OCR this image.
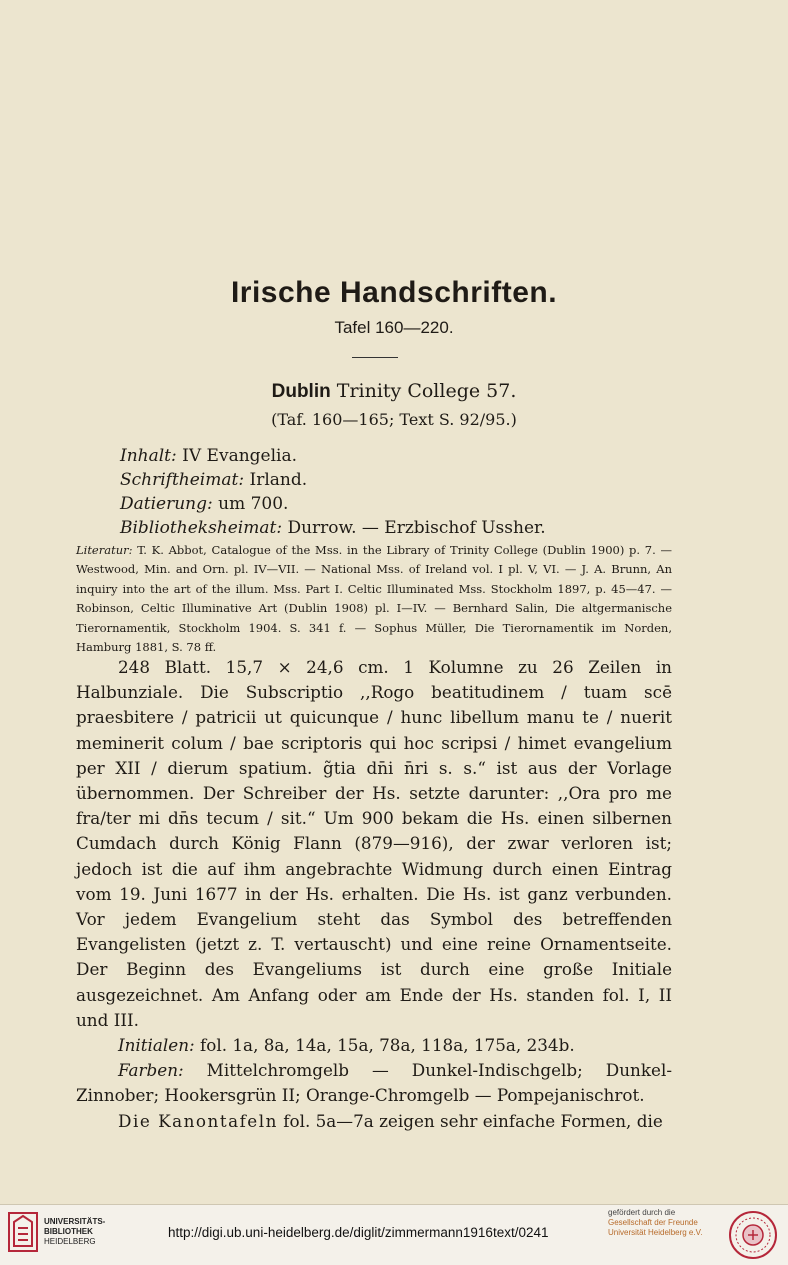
Irische Handschriften.
Tafel 160—220.
Dublin Trinity College 57.
(Taf. 160—165; Text S. 92/95.)
Inhalt: IV Evangelia.
Schriftheimat: Irland.
Datierung: um 700.
Bibliotheksheimat: Durrow. — Erzbischof Ussher.
Literatur: T. K. Abbot, Catalogue of the Mss. in the Library of Trinity College (Dublin 1900) p. 7. — Westwood, Min. and Orn. pl. IV—VII. — National Mss. of Ireland vol. I pl. V, VI. — J. A. Brunn, An inquiry into the art of the illum. Mss. Part I. Celtic Illuminated Mss. Stockholm 1897, p. 45—47. — Robinson, Celtic Illuminative Art (Dublin 1908) pl. I—IV. — Bernhard Salin, Die altgermanische Tierornamentik, Stockholm 1904. S. 341 f. — Sophus Müller, Die Tierornamentik im Norden, Hamburg 1881, S. 78 ff.

248 Blatt. 15,7 × 24,6 cm. 1 Kolumne zu 26 Zeilen in Halbunziale. Die Subscriptio ,,Rogo beatitudinem / tuam scē praesbitere / patricii ut quicunque / hunc libellum manu te / nuerit meminerit colum / bae scriptoris qui hoc scripsi / himet evangelium per XII / dierum spatium. g̃tia dn̄i n̄ri s. s.“ ist aus der Vorlage übernommen. Der Schreiber der Hs. setzte darunter: ,,Ora pro me fra/ter mi dn̄s tecum / sit.“ Um 900 bekam die Hs. einen silbernen Cumdach durch König Flann (879—916), der zwar verloren ist; jedoch ist die auf ihm angebrachte Widmung durch einen Eintrag vom 19. Juni 1677 in der Hs. erhalten. Die Hs. ist ganz verbunden. Vor jedem Evangelium steht das Symbol des betreffenden Evangelisten (jetzt z. T. vertauscht) und eine reine Ornamentseite. Der Beginn des Evangeliums ist durch eine große Initiale ausgezeichnet. Am Anfang oder am Ende der Hs. standen fol. I, II und III.

Initialen: fol. 1a, 8a, 14a, 15a, 78a, 118a, 175a, 234b.

Farben: Mittelchromgelb — Dunkel-Indischgelb; Dunkel-Zinnober; Hookersgrün II; Orange-Chromgelb — Pompejanischrot.

Die Kanontafeln fol. 5a—7a zeigen sehr einfache Formen, die

UNIVERSITÄTS-
BIBLIOTHEK
HEIDELBERG
http://digi.ub.uni-heidelberg.de/diglit/zimmermann1916text/0241
gefördert durch die
Gesellschaft der Freunde
Universität Heidelberg e.V.
